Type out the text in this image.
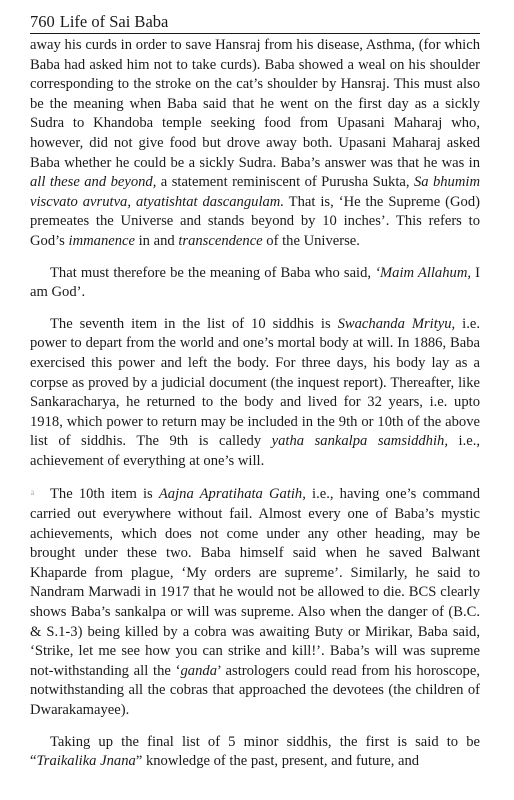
760 Life of Sai Baba

away his curds in order to save Hansraj from his disease, Asthma, (for which Baba had asked him not to take curds). Baba showed a weal on his shoulder corresponding to the stroke on the cat’s shoulder by Hansraj. This must also be the meaning when Baba said that he went on the first day as a sickly Sudra to Khandoba temple seeking food from Upasani Maharaj who, however, did not give food but drove away both. Upasani Maharaj asked Baba whether he could be a sickly Sudra. Baba’s answer was that he was in all these and beyond, a statement reminiscent of Purusha Sukta, Sa bhumim viscvato avrutva, atyatishtat dascangulam. That is, ‘He the Supreme (God) premeates the Universe and stands beyond by 10 inches’. This refers to God’s immanence in and transcendence of the Universe.

That must therefore be the meaning of Baba who said, ‘Maim Allahum, I am God’.

The seventh item in the list of 10 siddhis is Swachanda Mrityu, i.e. power to depart from the world and one’s mortal body at will. In 1886, Baba exercised this power and left the body. For three days, his body lay as a corpse as proved by a judicial document (the inquest report). Thereafter, like Sankaracharya, he returned to the body and lived for 32 years, i.e. upto 1918, which power to return may be included in the 9th or 10th of the above list of siddhis. The 9th is calledy yatha sankalpa samsiddhih, i.e., achievement of everything at one’s will.

The 10th item is Aajna Apratihata Gatih, i.e., having one’s command carried out everywhere without fail. Almost every one of Baba’s mystic achievements, which does not come under any other heading, may be brought under these two. Baba himself said when he saved Balwant Khaparde from plague, ‘My orders are supreme’. Similarly, he said to Nandram Marwadi in 1917 that he would not be allowed to die. BCS clearly shows Baba’s sankalpa or will was supreme. Also when the danger of (B.C. & S.1-3) being killed by a cobra was awaiting Buty or Mirikar, Baba said, ‘Strike, let me see how you can strike and kill!’. Baba’s will was supreme not-withstanding all the ‘ganda’ astrologers could read from his horoscope, notwithstanding all the cobras that approached the devotees (the children of Dwarakamayee).

Taking up the final list of 5 minor siddhis, the first is said to be “Traikalika Jnana” knowledge of the past, present, and future, and

ä
